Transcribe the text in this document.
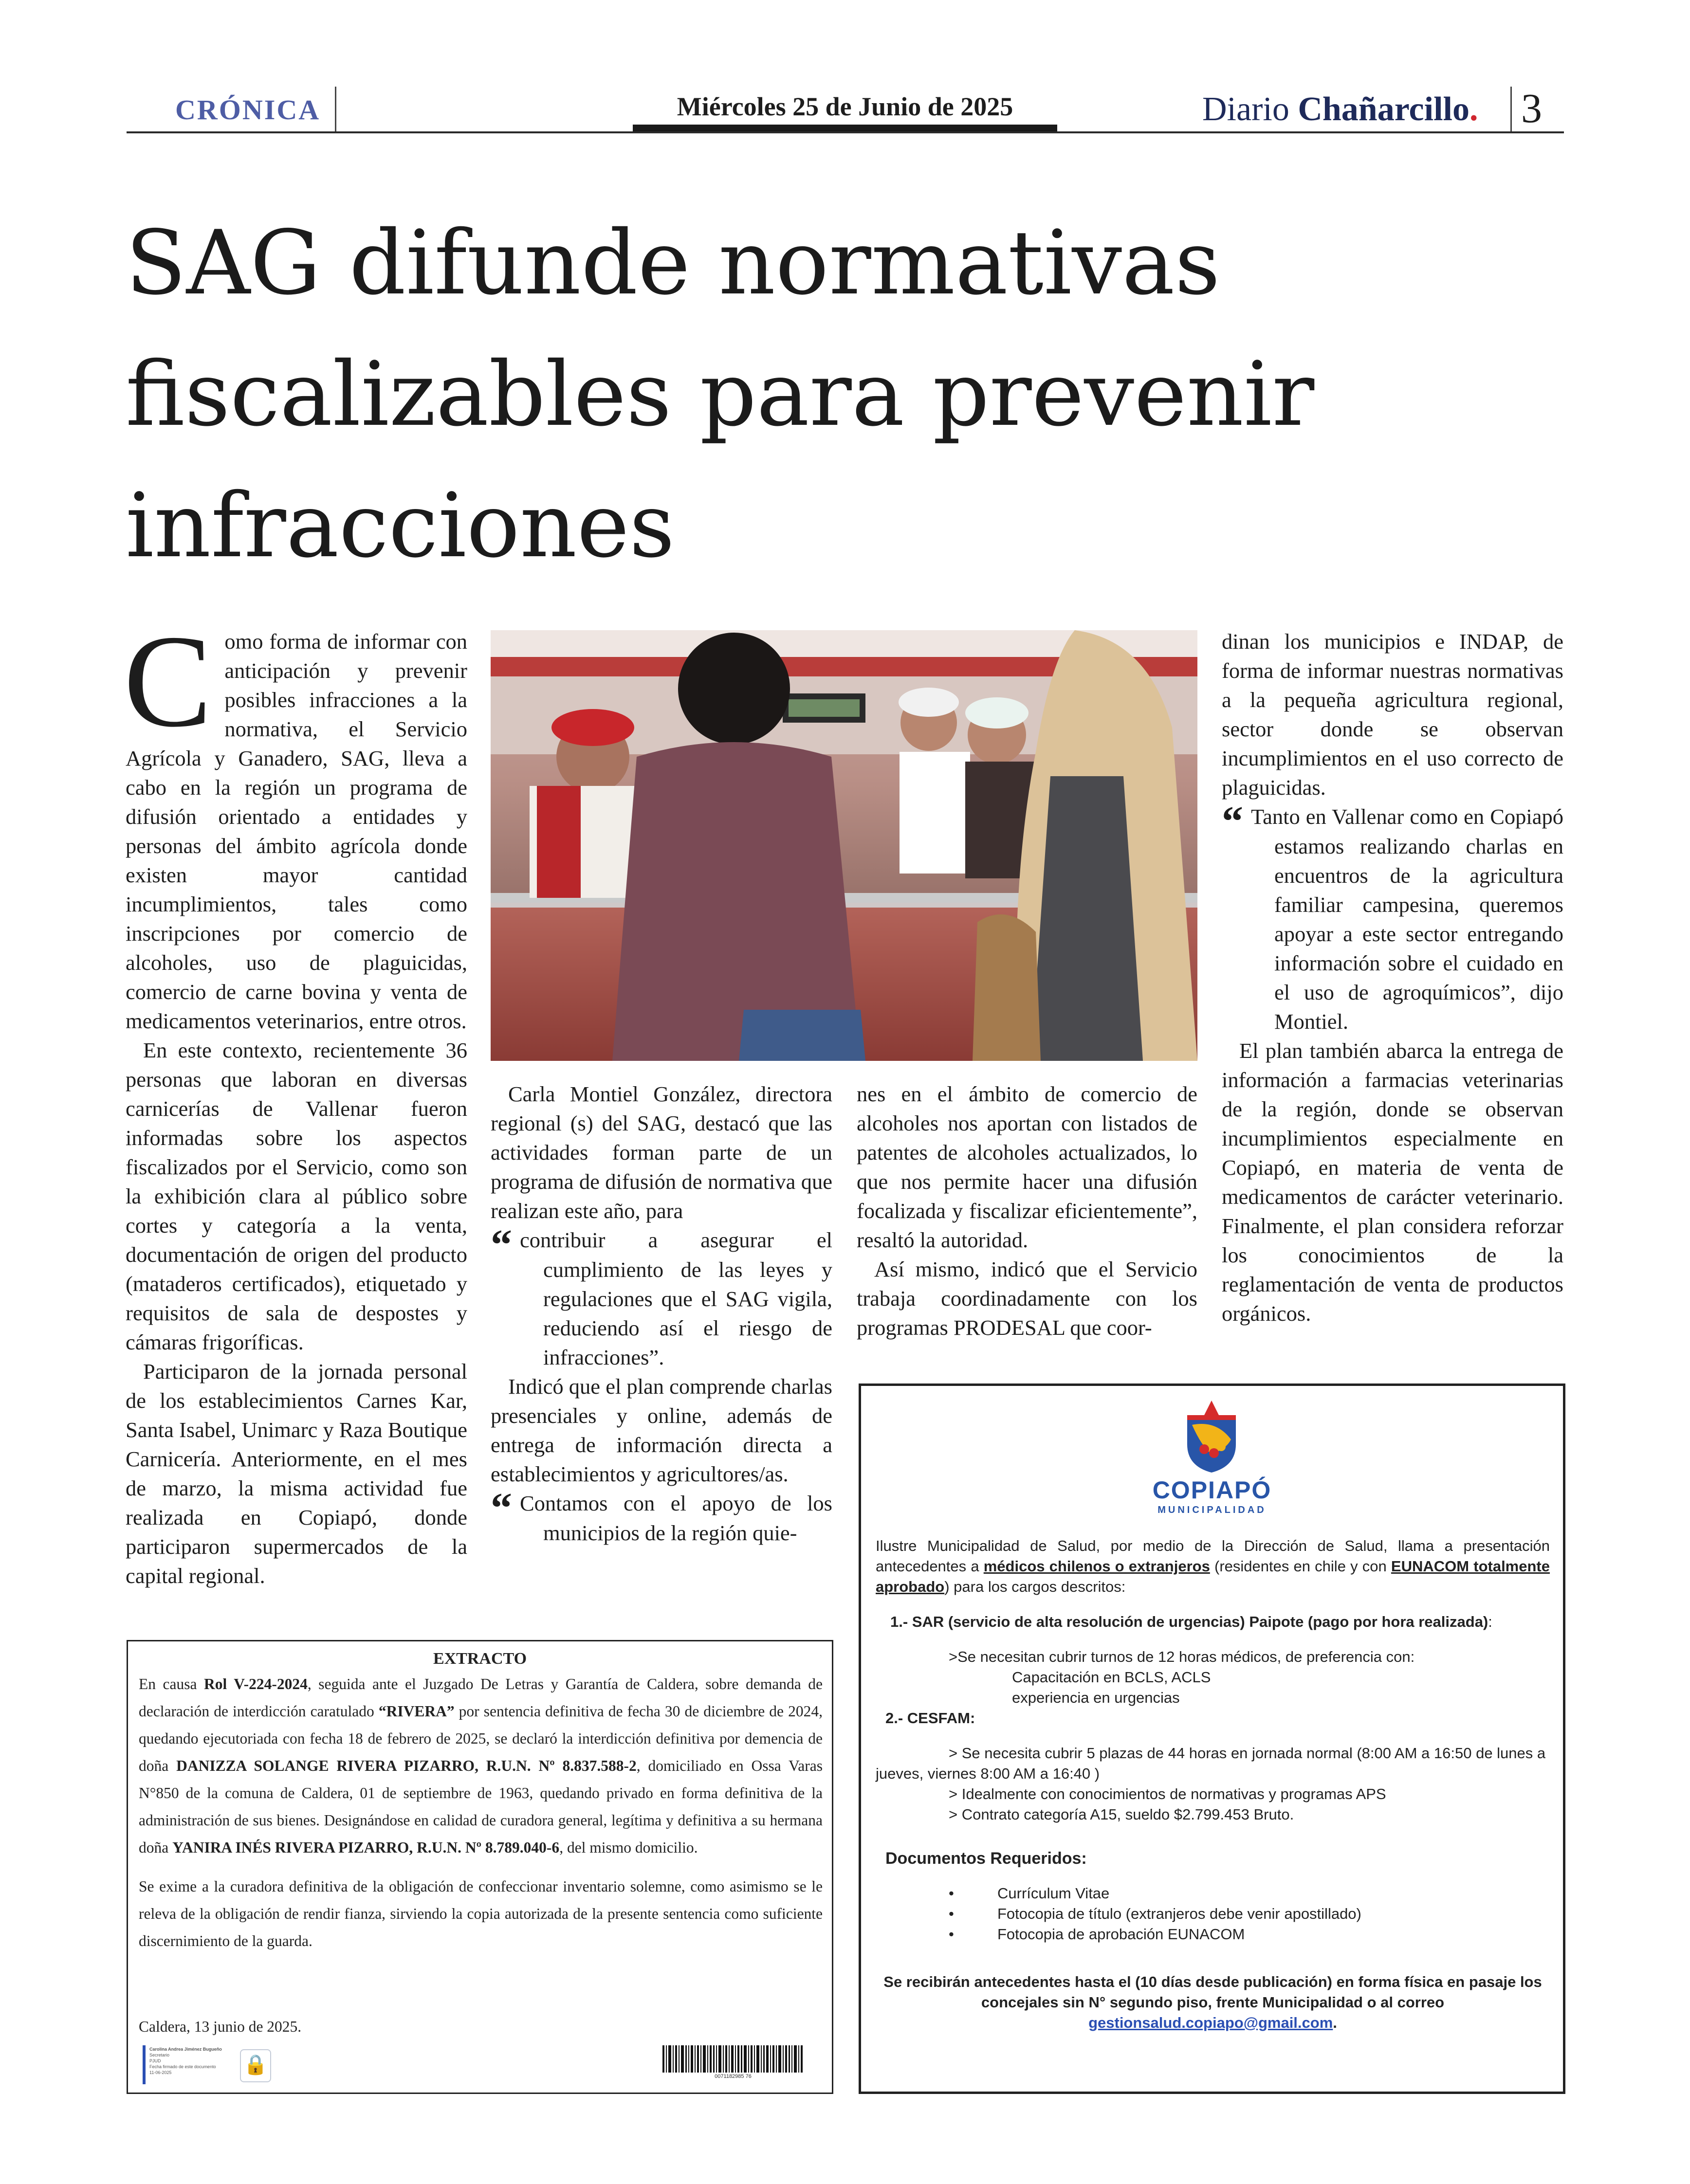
CRÓNICA	Miércoles 25 de Junio de 2025	Diario Chañarcillo. 3
SAG difunde normativas fiscalizables para prevenir infracciones

Como forma de informar con anticipación y prevenir posibles infracciones a la normativa, el Servicio Agrícola y Ganadero, SAG, lleva a cabo en la región un programa de difusión orientado a entidades y personas del ámbito agrícola donde existen mayor cantidad incumplimientos, tales como inscripciones por comercio de alcoholes, uso de plaguicidas, comercio de carne bovina y venta de medicamentos veterinarios, entre otros.

En este contexto, recientemente 36 personas que laboran en diversas carnicerías de Vallenar fueron informadas sobre los aspectos fiscalizados por el Servicio, como son la exhibición clara al público sobre cortes y categoría a la venta, documentación de origen del producto (mataderos certificados), etiquetado y requisitos de sala de despostes y cámaras frigoríficas.

Participaron de la jornada personal de los establecimientos Carnes Kar, Santa Isabel, Unimarc y Raza Boutique Carnicería. Anteriormente, en el mes de marzo, la misma actividad fue realizada en Copiapó, donde participaron supermercados de la capital regional.

Carla Montiel González, directora regional (s) del SAG, destacó que las actividades forman parte de un programa de difusión de normativa que realizan este año, para

“ contribuir a asegurar el cumplimiento de las leyes y regulaciones que el SAG vigila, reduciendo así el riesgo de infracciones”.

Indicó que el plan comprende charlas presenciales y online, además de entrega de información directa a establecimientos y agricultores/as.

“ Contamos con el apoyo de los municipios de la región quie-

nes en el ámbito de comercio de alcoholes nos aportan con listados de patentes de alcoholes actualizados, lo que nos permite hacer una difusión focalizada y fiscalizar eficientemente”, resaltó la autoridad.

Así mismo, indicó que el Servicio trabaja coordinadamente con los programas PRODESAL que coor-

dinan los municipios e INDAP, de forma de informar nuestras normativas a la pequeña agricultura regional, sector donde se observan incumplimientos en el uso correcto de plaguicidas.

“ Tanto en Vallenar como en Copiapó estamos realizando charlas en encuentros de la agricultura familiar campesina, queremos apoyar a este sector entregando información sobre el cuidado en el uso de agroquímicos”, dijo Montiel.

El plan también abarca la entrega de información a farmacias veterinarias de la región, donde se observan incumplimientos especialmente en Copiapó, en materia de venta de medicamentos de carácter veterinario. Finalmente, el plan considera reforzar los conocimientos de la reglamentación de venta de productos orgánicos.

EXTRACTO

En causa Rol V-224-2024, seguida ante el Juzgado De Letras y Garantía de Caldera, sobre demanda de declaración de interdicción caratulado “RIVERA” por sentencia definitiva de fecha 30 de diciembre de 2024, quedando ejecutoriada con fecha 18 de febrero de 2025, se declaró la interdicción definitiva por demencia de doña DANIZZA SOLANGE RIVERA PIZARRO, R.U.N. Nº 8.837.588-2, domiciliado en Ossa Varas N°850 de la comuna de Caldera, 01 de septiembre de 1963, quedando privado en forma definitiva de la administración de sus bienes. Designándose en calidad de curadora general, legítima y definitiva a su hermana doña YANIRA INÉS RIVERA PIZARRO, R.U.N. Nº 8.789.040-6, del mismo domicilio.

Se exime a la curadora definitiva de la obligación de confeccionar inventario solemne, como asimismo se le releva de la obligación de rendir fianza, sirviendo la copia autorizada de la presente sentencia como suficiente discernimiento de la guarda.

Caldera, 13 junio de 2025.
Carolina Andrea Jiménez Bugueño
Secretario
PJUD
Fecha firmado de este documento
11-06-2025	🔒
0071182985 76
COPIAPÓ
MUNICIPALIDAD

Ilustre Municipalidad de Salud, por medio de la Dirección de Salud, llama a presentación antecedentes a médicos chilenos o extranjeros (residentes en chile y con EUNACOM totalmente aprobado) para los cargos descritos:

1.- SAR (servicio de alta resolución de urgencias) Paipote (pago por hora realizada):

>Se necesitan cubrir turnos de 12 horas médicos, de preferencia con:

Capacitación en BCLS, ACLS

experiencia en urgencias

2.- CESFAM:

> Se necesita cubrir 5 plazas de 44 horas en jornada normal (8:00 AM a 16:50 de lunes a jueves, viernes 8:00 AM a 16:40 )

> Idealmente con conocimientos de normativas y programas APS

> Contrato categoría A15, sueldo $2.799.453 Bruto.

Documentos Requeridos:

•	Currículum Vitae
•	Fotocopia de título (extranjeros debe venir apostillado)
•	Fotocopia de aprobación EUNACOM

Se recibirán antecedentes hasta el (10 días desde publicación) en forma física en pasaje los concejales sin N° segundo piso, frente Municipalidad o al correo gestionsalud.copiapo@gmail.com.
